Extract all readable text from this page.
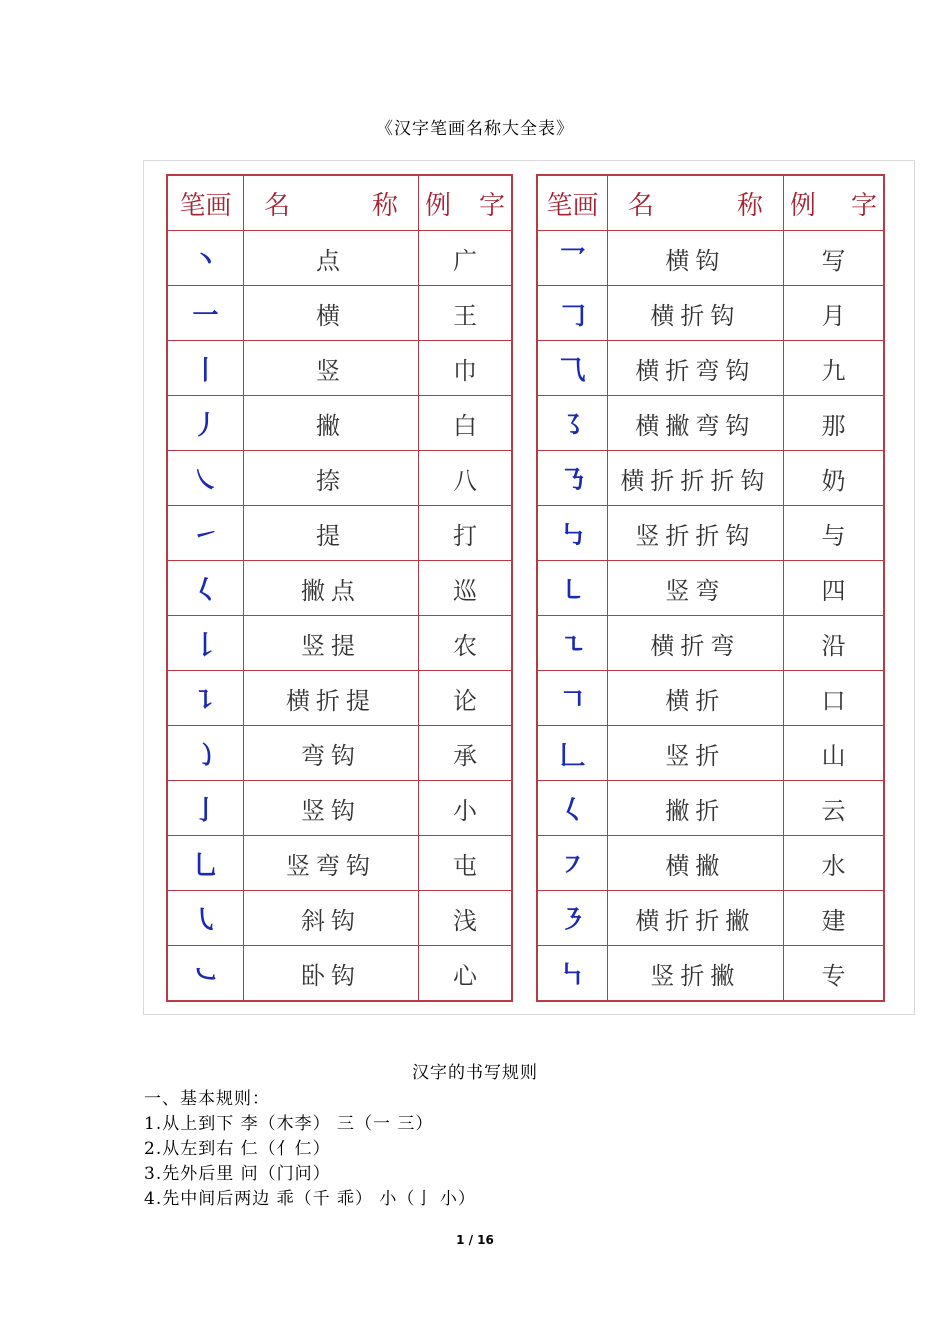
《汉字笔画名称大全表》
笔画	名　称	例　字
丶	点	广
一	横	王
丨	竖	巾
丿	撇	白
㇏	捺	八
㇀	提	打
𡿨	撇点	巡
𠄌	竖提	农
㇊	横折提	论
㇁	弯钩	承
亅	竖钩	小
乚	竖弯钩	屯
㇂	斜钩	浅
㇃	卧钩	心
笔画	名　称	例　字
乛	横钩	写
𠃌	横折钩	月
⺄	横折弯钩	九
㇌	横撇弯钩	那
㇡	横折折折钩	奶
㇉	竖折折钩	与
㇄	竖弯	四
㇍	横折弯	沿
𠃍	横折	口
𠃊	竖折	山
𡿨	撇折	云
㇇	横撇	水
㇋	横折折撇	建
㇞	竖折撇	专
汉字的书写规则
一、基本规则：
1.从上到下 李（木李） 三（一 三）
2.从左到右 仁（亻仁）
3.先外后里 问（门问）
4.先中间后两边 乖（千 乖） 小（亅 小）
1 / 16
